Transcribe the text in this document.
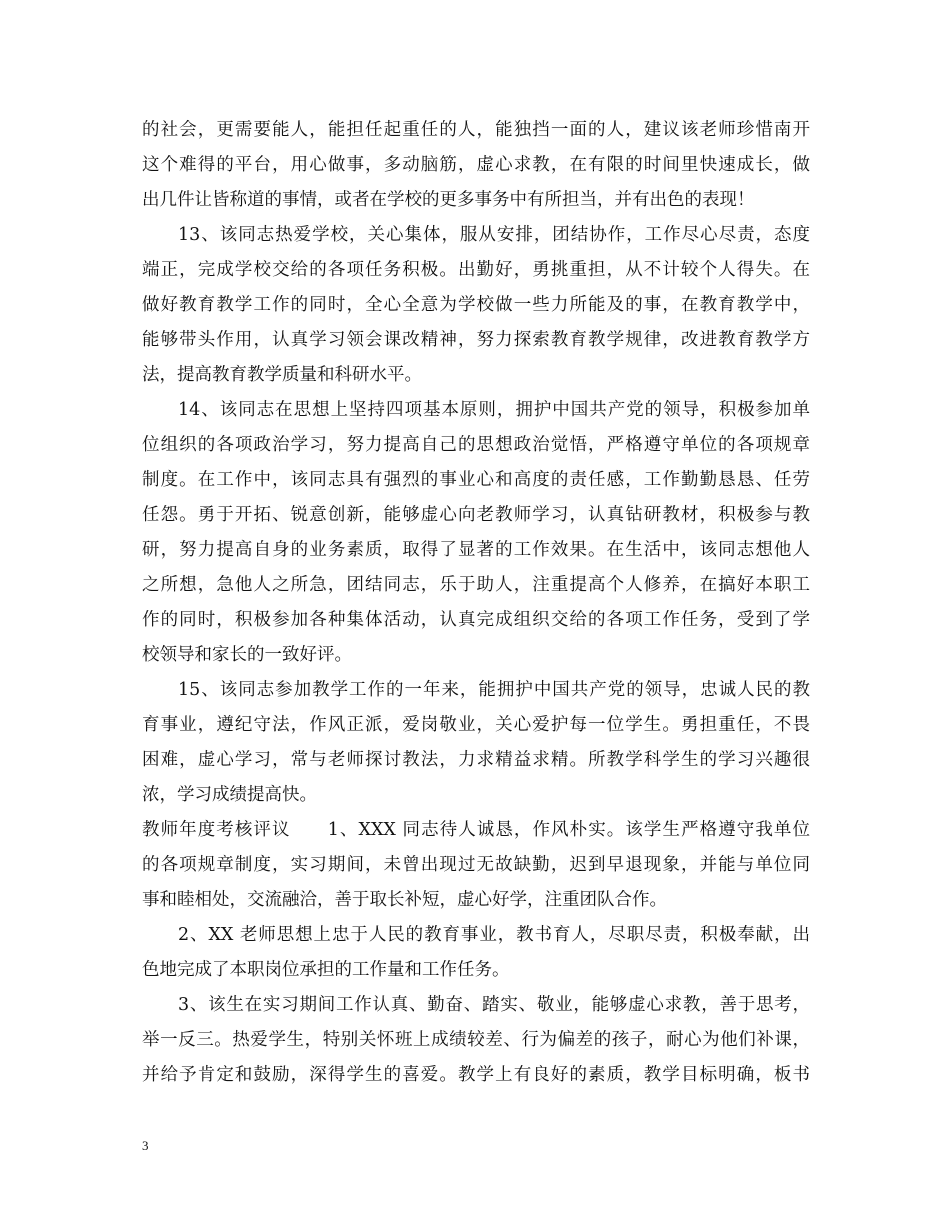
的社会，更需要能人，能担任起重任的人，能独挡一面的人，建议该老师珍惜南开
这个难得的平台，用心做事，多动脑筋，虚心求教，在有限的时间里快速成长，做
出几件让皆称道的事情，或者在学校的更多事务中有所担当，并有出色的表现！
13、该同志热爱学校，关心集体，服从安排，团结协作，工作尽心尽责，态度
端正，完成学校交给的各项任务积极。出勤好，勇挑重担，从不计较个人得失。在
做好教育教学工作的同时，全心全意为学校做一些力所能及的事，在教育教学中，
能够带头作用，认真学习领会课改精神，努力探索教育教学规律，改进教育教学方
法，提高教育教学质量和科研水平。
14、该同志在思想上坚持四项基本原则，拥护中国共产党的领导，积极参加单
位组织的各项政治学习，努力提高自己的思想政治觉悟，严格遵守单位的各项规章
制度。在工作中，该同志具有强烈的事业心和高度的责任感，工作勤勤恳恳、任劳
任怨。勇于开拓、锐意创新，能够虚心向老教师学习，认真钻研教材，积极参与教
研，努力提高自身的业务素质，取得了显著的工作效果。在生活中，该同志想他人
之所想，急他人之所急，团结同志，乐于助人，注重提高个人修养，在搞好本职工
作的同时，积极参加各种集体活动，认真完成组织交给的各项工作任务，受到了学
校领导和家长的一致好评。
15、该同志参加教学工作的一年来，能拥护中国共产党的领导，忠诚人民的教
育事业，遵纪守法，作风正派，爱岗敬业，关心爱护每一位学生。勇担重任，不畏
困难，虚心学习，常与老师探讨教法，力求精益求精。所教学科学生的学习兴趣很
浓，学习成绩提高快。
教师年度考核评议　　1、XXX 同志待人诚恳，作风朴实。该学生严格遵守我单位
的各项规章制度，实习期间，未曾出现过无故缺勤，迟到早退现象，并能与单位同
事和睦相处，交流融洽，善于取长补短，虚心好学，注重团队合作。
2、XX 老师思想上忠于人民的教育事业，教书育人，尽职尽责，积极奉献，出
色地完成了本职岗位承担的工作量和工作任务。
3、该生在实习期间工作认真、勤奋、踏实、敬业，能够虚心求教，善于思考，
举一反三。热爱学生，特别关怀班上成绩较差、行为偏差的孩子，耐心为他们补课，
并给予肯定和鼓励，深得学生的喜爱。教学上有良好的素质，教学目标明确，板书
3
